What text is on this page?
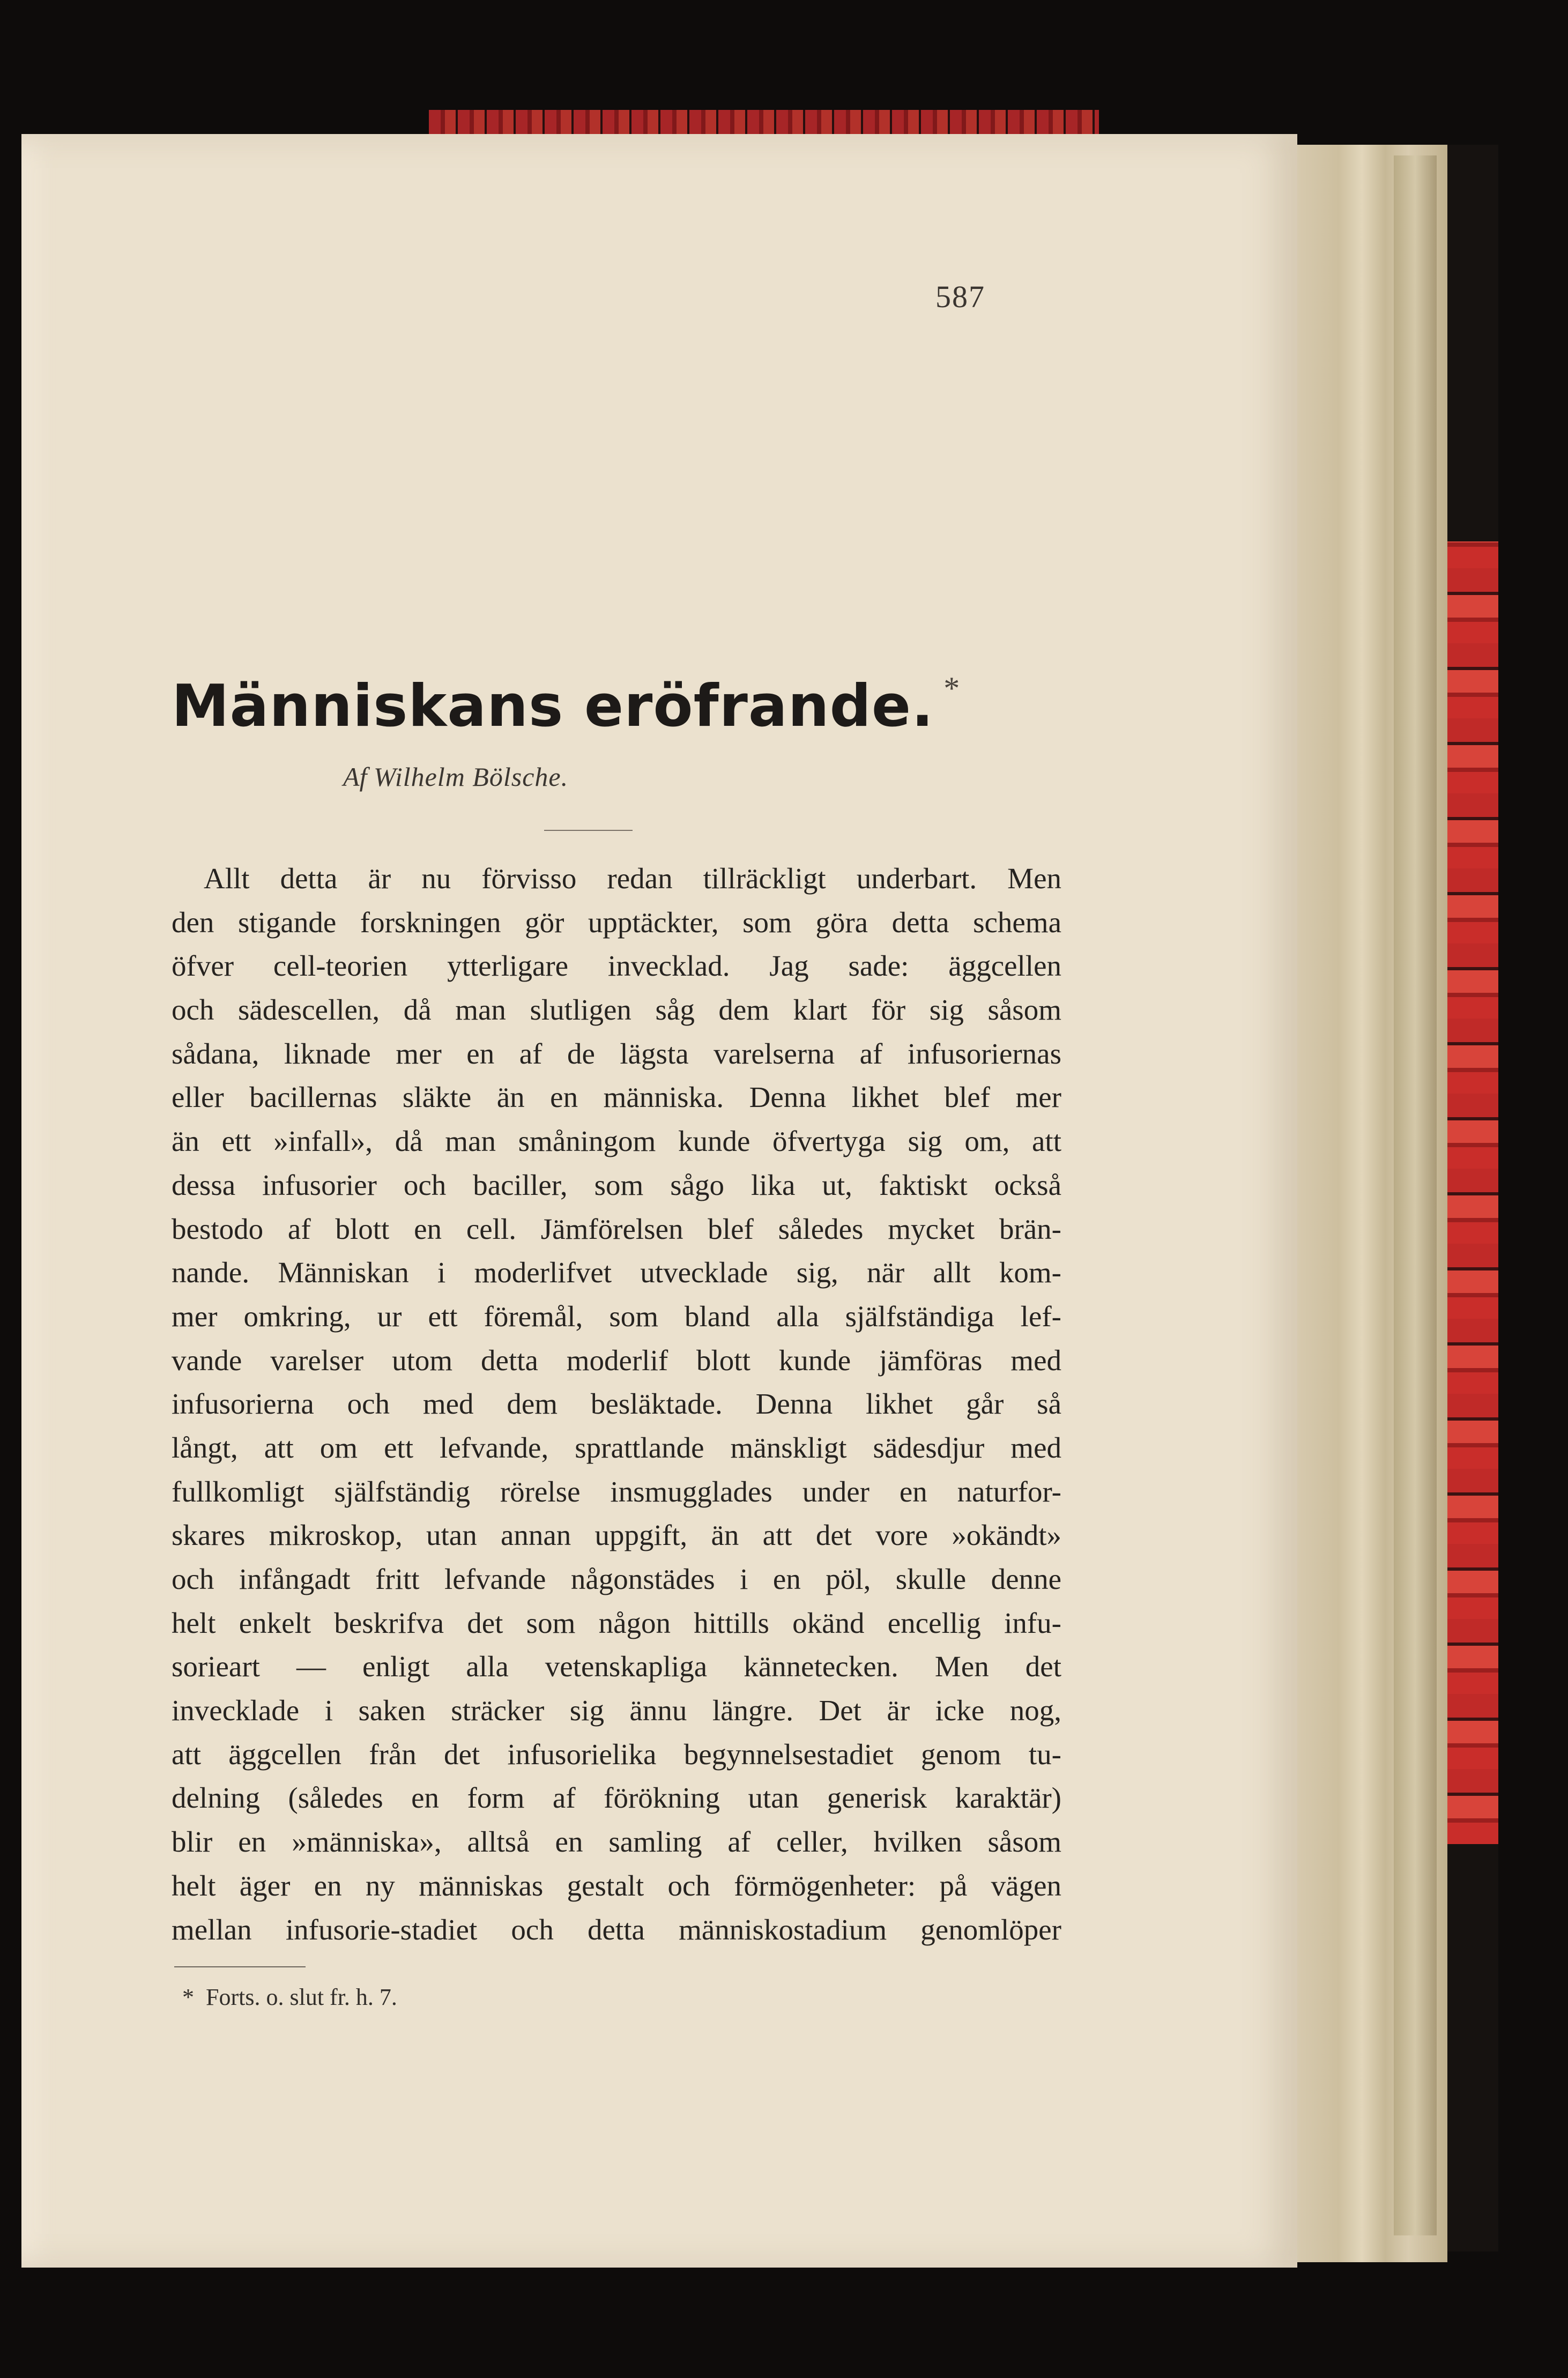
587
Människans eröfrande. *
Af Wilhelm Bölsche.
Allt detta är nu förvisso redan tillräckligt underbart. Men
den stigande forskningen gör upptäckter, som göra detta schema
öfver cell-teorien ytterligare invecklad. Jag sade: äggcellen
och sädescellen, då man slutligen såg dem klart för sig såsom
sådana, liknade mer en af de lägsta varelserna af infusoriernas
eller bacillernas släkte än en människa. Denna likhet blef mer
än ett »infall», då man småningom kunde öfvertyga sig om, att
dessa infusorier och baciller, som sågo lika ut, faktiskt också
bestodo af blott en cell. Jämförelsen blef således mycket brän-
nande. Människan i moderlifvet utvecklade sig, när allt kom-
mer omkring, ur ett föremål, som bland alla själfständiga lef-
vande varelser utom detta moderlif blott kunde jämföras med
infusorierna och med dem besläktade. Denna likhet går så
långt, att om ett lefvande, sprattlande mänskligt sädesdjur med
fullkomligt själfständig rörelse insmugglades under en naturfor-
skares mikroskop, utan annan uppgift, än att det vore »okändt»
och infångadt fritt lefvande någonstädes i en pöl, skulle denne
helt enkelt beskrifva det som någon hittills okänd encellig infu-
sorieart — enligt alla vetenskapliga kännetecken. Men det
invecklade i saken sträcker sig ännu längre. Det är icke nog,
att äggcellen från det infusorielika begynnelsestadiet genom tu-
delning (således en form af förökning utan generisk karaktär)
blir en »människa», alltså en samling af celler, hvilken såsom
helt äger en ny människas gestalt och förmögenheter: på vägen
mellan infusorie-stadiet och detta människostadium genomlöper
* Forts. o. slut fr. h. 7.
